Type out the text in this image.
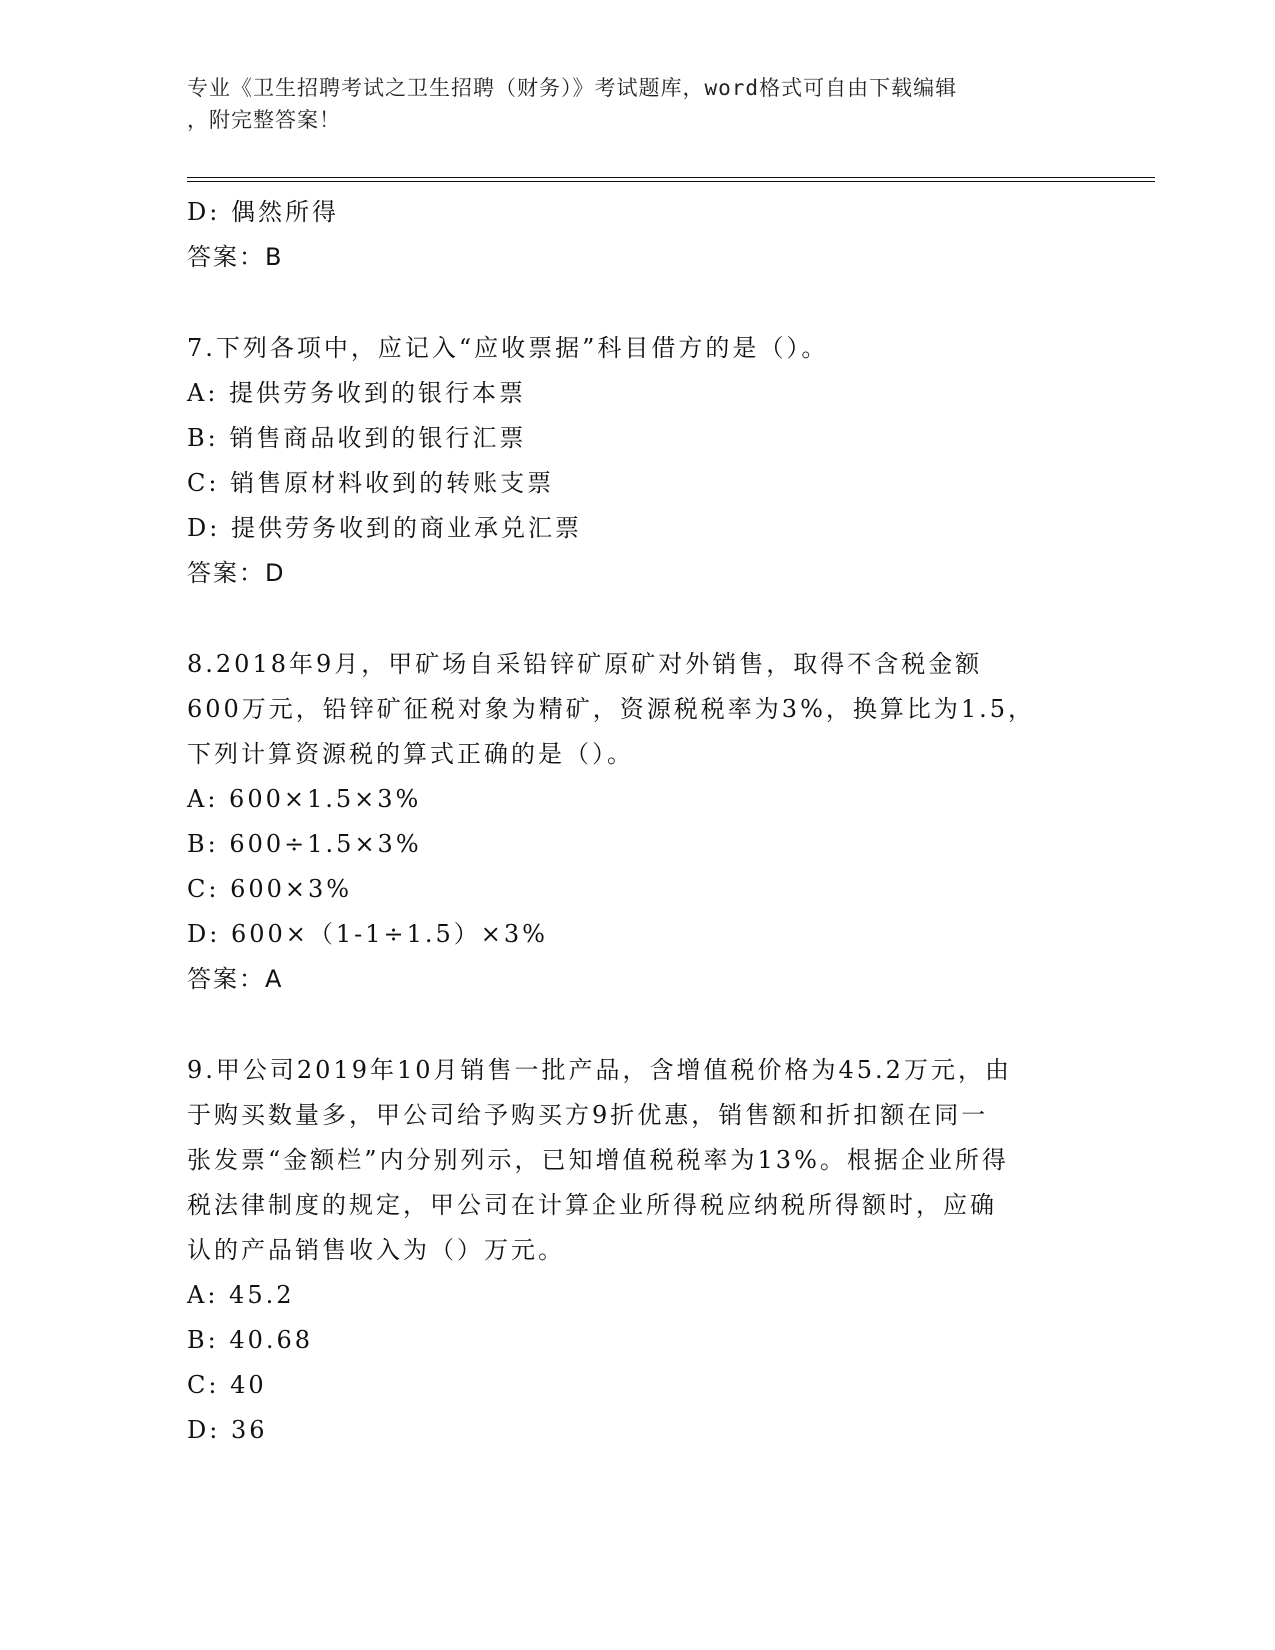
专业《卫生招聘考试之卫生招聘（财务）》考试题库，word格式可自由下载编辑
，附完整答案！
D: 偶然所得
答案：B
7.下列各项中，应记入“应收票据”科目借方的是（）。
A: 提供劳务收到的银行本票
B: 销售商品收到的银行汇票
C: 销售原材料收到的转账支票
D: 提供劳务收到的商业承兑汇票
答案：D
8.2018年9月，甲矿场自采铅锌矿原矿对外销售，取得不含税金额
600万元，铅锌矿征税对象为精矿，资源税税率为3%，换算比为1.5，
下列计算资源税的算式正确的是（）。
A: 600×1.5×3%
B: 600÷1.5×3%
C: 600×3%
D: 600×（1-1÷1.5）×3%
答案：A
9.甲公司2019年10月销售一批产品，含增值税价格为45.2万元，由
于购买数量多，甲公司给予购买方9折优惠，销售额和折扣额在同一
张发票“金额栏”内分别列示，已知增值税税率为13%。根据企业所得
税法律制度的规定，甲公司在计算企业所得税应纳税所得额时，应确
认的产品销售收入为（）万元。
A: 45.2
B: 40.68
C: 40
D: 36
